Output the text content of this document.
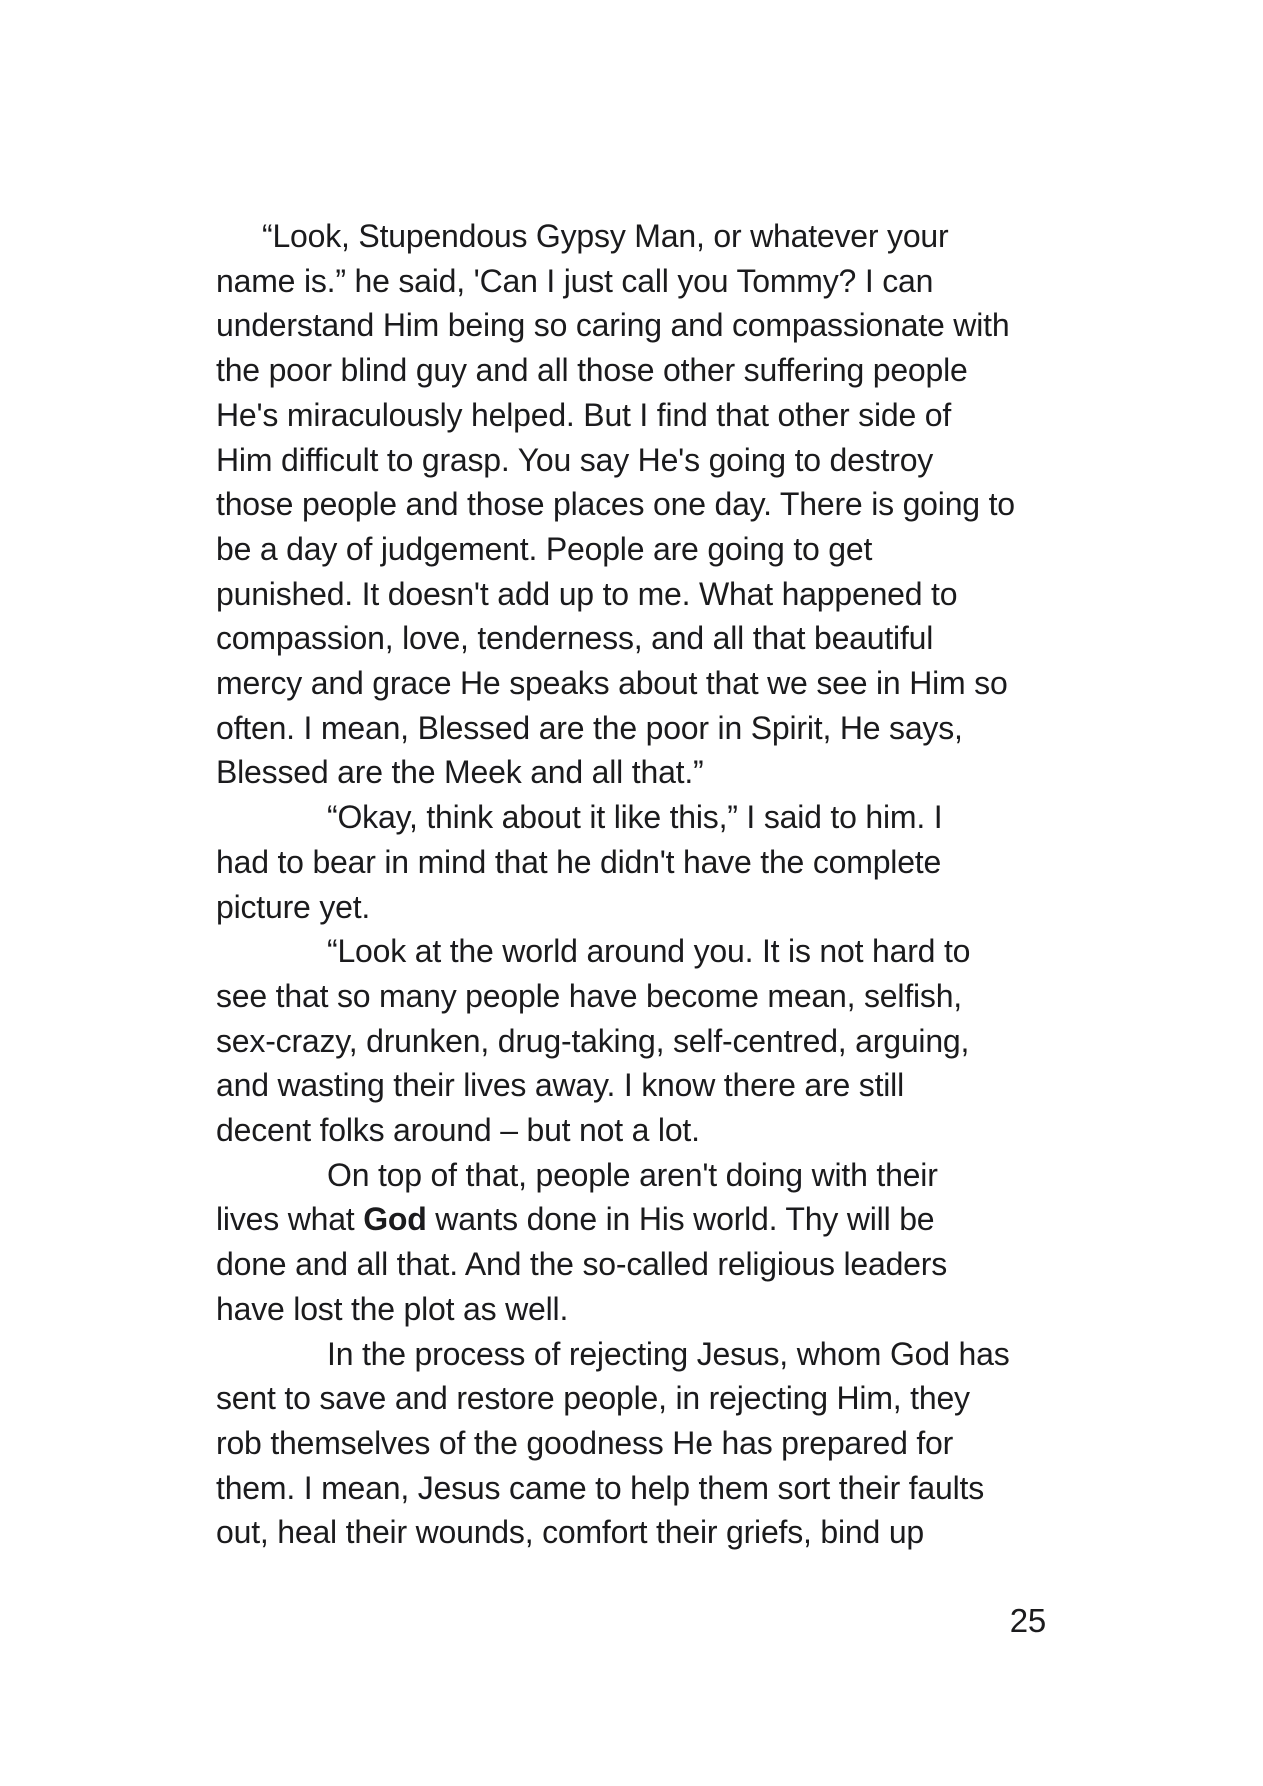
“Look, Stupendous Gypsy Man, or whatever your
name is.” he said, 'Can I just call you Tommy? I can
understand Him being so caring and compassionate with
the poor blind guy and all those other suffering people
He's miraculously helped. But I find that other side of
Him difficult to grasp. You say He's going to destroy
those people and those places one day. There is going to
be a day of judgement. People are going to get
punished. It doesn't add up to me. What happened to
compassion, love, tenderness, and all that beautiful
mercy and grace He speaks about that we see in Him so
often. I mean, Blessed are the poor in Spirit, He says,
Blessed are the Meek and all that.”
“Okay, think about it like this,” I said to him. I
had to bear in mind that he didn't have the complete
picture yet.
“Look at the world around you. It is not hard to
see that so many people have become mean, selfish,
sex-crazy, drunken, drug-taking, self-centred, arguing,
and wasting their lives away. I know there are still
decent folks around – but not a lot.
On top of that, people aren't doing with their
lives what God wants done in His world. Thy will be
done and all that. And the so-called religious leaders
have lost the plot as well.
In the process of rejecting Jesus, whom God has
sent to save and restore people, in rejecting Him, they
rob themselves of the goodness He has prepared for
them. I mean, Jesus came to help them sort their faults
out, heal their wounds, comfort their griefs, bind up
25
